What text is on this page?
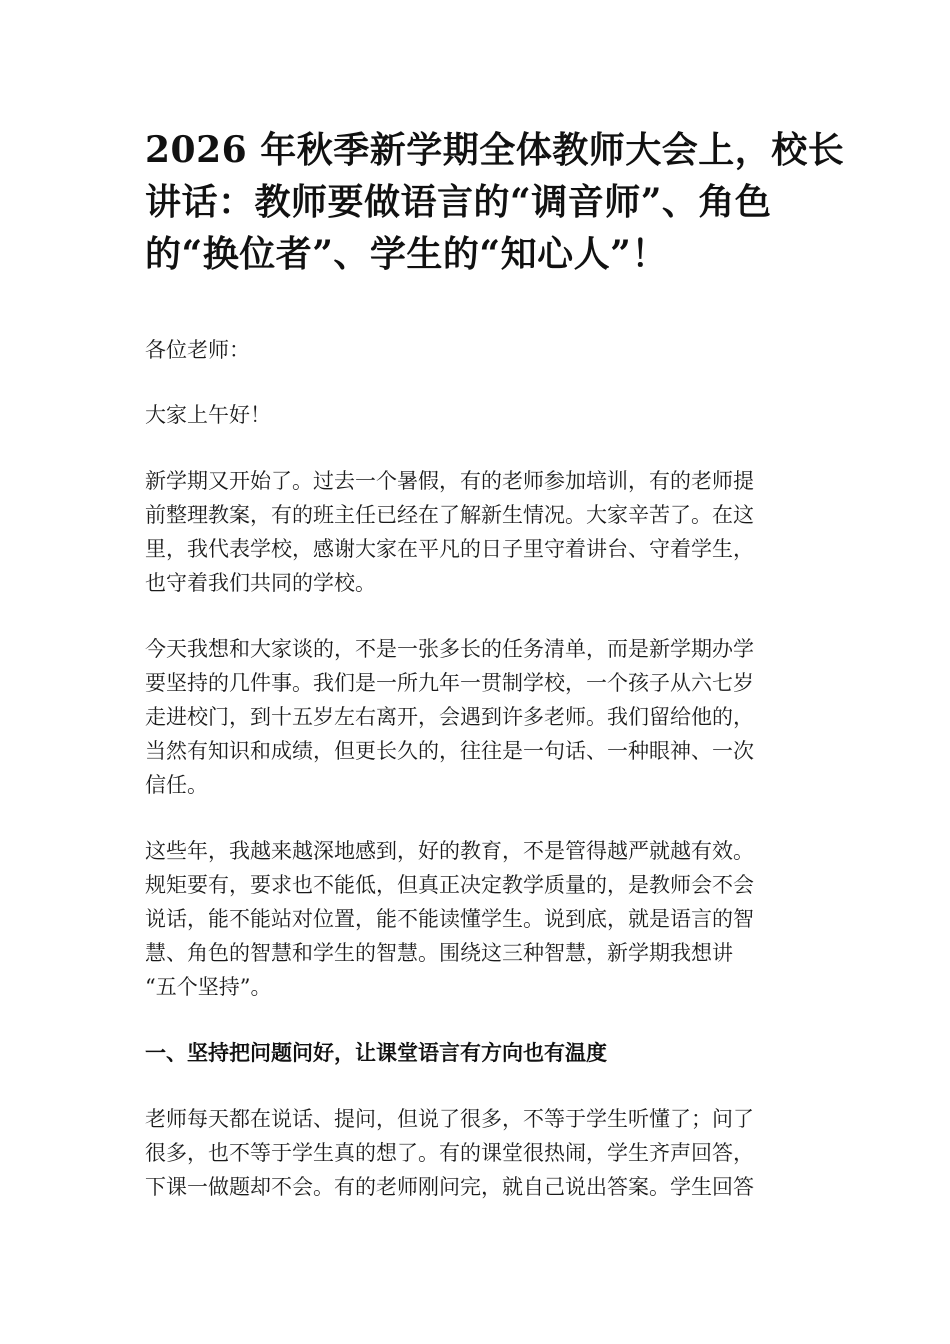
2026 年秋季新学期全体教师大会上，校长
讲话：教师要做语言的“调音师”、角色
的“换位者”、学生的“知心人”！

各位老师：

大家上午好！

新学期又开始了。过去一个暑假，有的老师参加培训，有的老师提
前整理教案，有的班主任已经在了解新生情况。大家辛苦了。在这
里，我代表学校，感谢大家在平凡的日子里守着讲台、守着学生，
也守着我们共同的学校。

今天我想和大家谈的，不是一张多长的任务清单，而是新学期办学
要坚持的几件事。我们是一所九年一贯制学校，一个孩子从六七岁
走进校门，到十五岁左右离开，会遇到许多老师。我们留给他的，
当然有知识和成绩，但更长久的，往往是一句话、一种眼神、一次
信任。

这些年，我越来越深地感到，好的教育，不是管得越严就越有效。
规矩要有，要求也不能低，但真正决定教学质量的，是教师会不会
说话，能不能站对位置，能不能读懂学生。说到底，就是语言的智
慧、角色的智慧和学生的智慧。围绕这三种智慧，新学期我想讲
“五个坚持”。

一、坚持把问题问好，让课堂语言有方向也有温度

老师每天都在说话、提问，但说了很多，不等于学生听懂了；问了
很多，也不等于学生真的想了。有的课堂很热闹，学生齐声回答，
下课一做题却不会。有的老师刚问完，就自己说出答案。学生回答
